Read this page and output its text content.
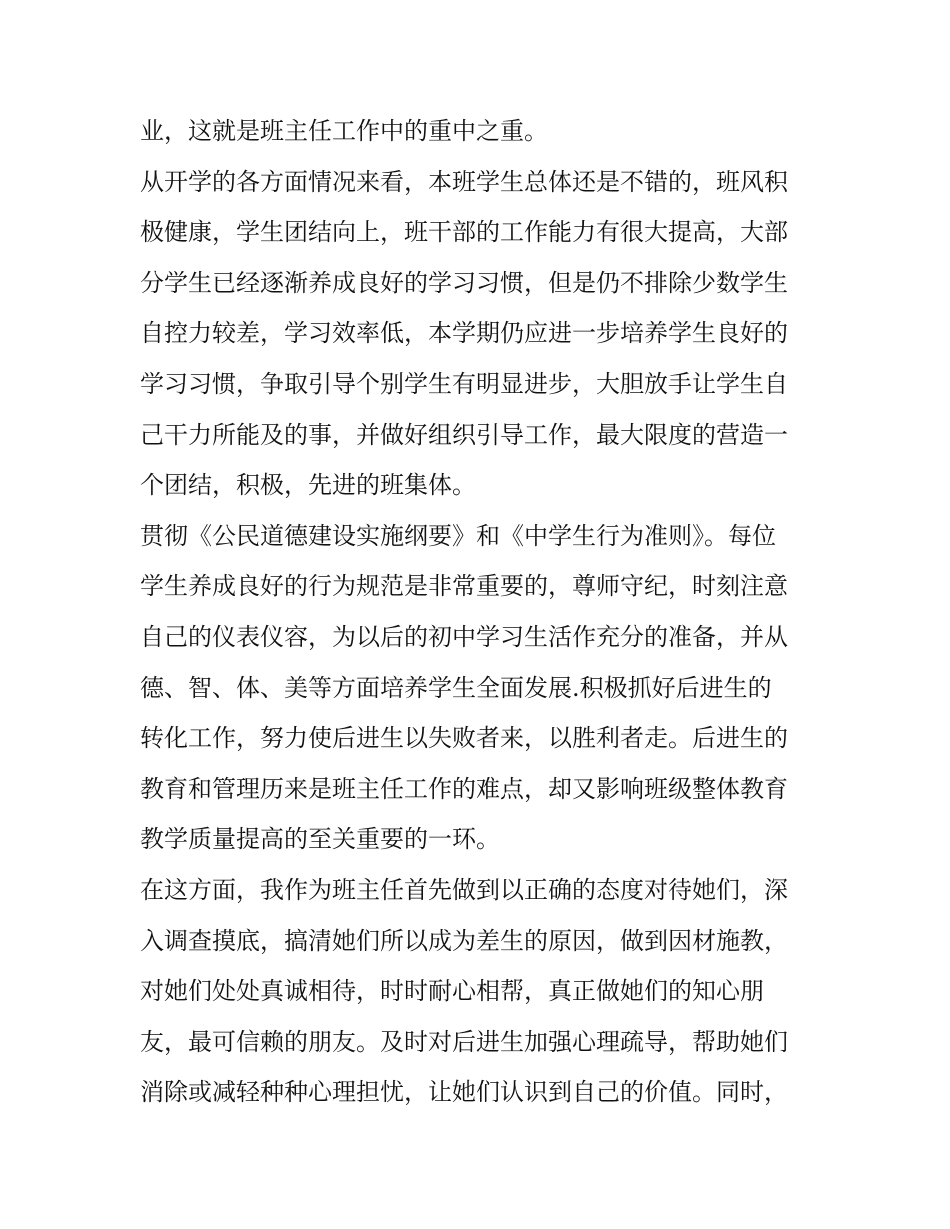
业，这就是班主任工作中的重中之重。
从开学的各方面情况来看，本班学生总体还是不错的，班风积
极健康，学生团结向上，班干部的工作能力有很大提高，大部
分学生已经逐渐养成良好的学习习惯，但是仍不排除少数学生
自控力较差，学习效率低，本学期仍应进一步培养学生良好的
学习习惯，争取引导个别学生有明显进步，大胆放手让学生自
己干力所能及的事，并做好组织引导工作，最大限度的营造一
个团结，积极，先进的班集体。
贯彻《公民道德建设实施纲要》和《中学生行为准则》。每位
学生养成良好的行为规范是非常重要的，尊师守纪，时刻注意
自己的仪表仪容，为以后的初中学习生活作充分的准备，并从
德、智、体、美等方面培养学生全面发展.积极抓好后进生的
转化工作，努力使后进生以失败者来，以胜利者走。后进生的
教育和管理历来是班主任工作的难点，却又影响班级整体教育
教学质量提高的至关重要的一环。
在这方面，我作为班主任首先做到以正确的态度对待她们，深
入调查摸底，搞清她们所以成为差生的原因，做到因材施教，
对她们处处真诚相待，时时耐心相帮，真正做她们的知心朋
友，最可信赖的朋友。及时对后进生加强心理疏导，帮助她们
消除或减轻种种心理担忧，让她们认识到自己的价值。同时，
